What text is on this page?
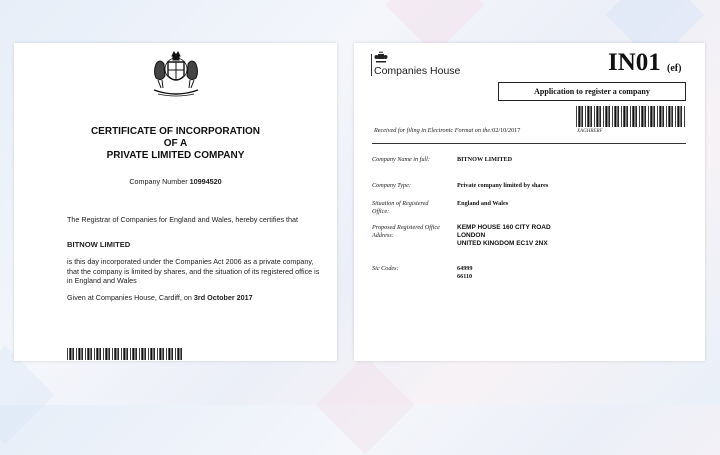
CERTIFICATE OF INCORPORATION
OF A
PRIVATE LIMITED COMPANY
Company Number 10994520
The Registrar of Companies for England and Wales, hereby certifies that
BITNOW LIMITED
is this day incorporated under the Companies Act 2006 as a private company, that the company is limited by shares, and the situation of its registered office is in England and Wales
Given at Companies House, Cardiff, on 3rd October 2017
Companies House	IN01 (ef)
Application to register a company
Received for filing in Electronic Format on the:02/10/2017	XAGHRERF
Company Name in full:	BITNOW LIMITED
Company Type:	Private company limited by shares
Situation of Registered Office:
England and Wales
Proposed Registered Office Address:
KEMP HOUSE 160 CITY ROAD
LONDON
UNITED KINGDOM EC1V 2NX
Sic Codes:	64999
66110
